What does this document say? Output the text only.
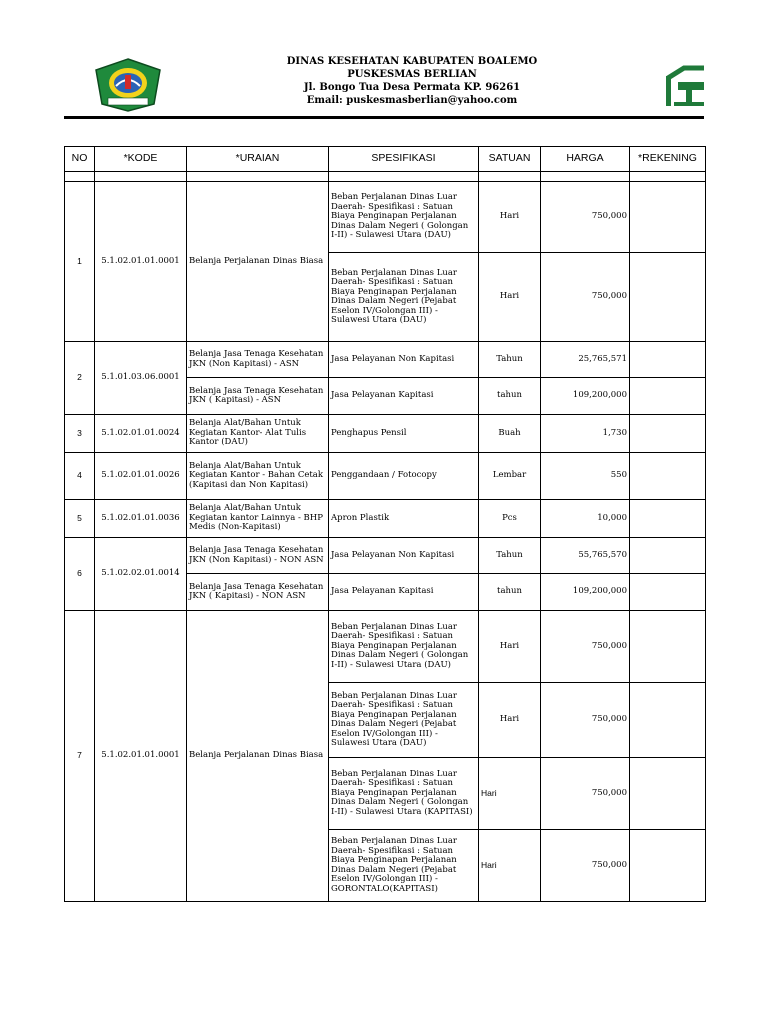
DINAS KESEHATAN KABUPATEN BOALEMO
PUSKESMAS BERLIAN
Jl. Bongo Tua Desa Permata KP. 96261
Email: puskesmasberlian@yahoo.com
NO	*KODE	*URAIAN	SPESIFIKASI	SATUAN	HARGA	*REKENING

1	5.1.02.01.01.0001	Belanja Perjalanan Dinas Biasa	Beban Perjalanan Dinas Luar Daerah- Spesifikasi : Satuan Biaya Penginapan Perjalanan Dinas Dalam Negeri ( Golongan I-II) - Sulawesi Utara (DAU)	Hari	750,000	
			Beban Perjalanan Dinas Luar Daerah- Spesifikasi : Satuan Biaya Penginapan Perjalanan Dinas Dalam Negeri (Pejabat Eselon IV/Golongan III) - Sulawesi Utara (DAU)	Hari	750,000	
2	5.1.01.03.06.0001	Belanja Jasa Tenaga Kesehatan JKN (Non Kapitasi) - ASN	Jasa Pelayanan Non Kapitasi	Tahun	25,765,571	
		Belanja Jasa Tenaga Kesehatan JKN ( Kapitasi) - ASN	Jasa Pelayanan Kapitasi	tahun	109,200,000	
3	5.1.02.01.01.0024	Belanja Alat/Bahan Untuk Kegiatan Kantor- Alat Tulis Kantor (DAU)	Penghapus Pensil	Buah	1,730	
4	5.1.02.01.01.0026	Belanja Alat/Bahan Untuk Kegiatan Kantor - Bahan Cetak (Kapitasi dan Non Kapitasi)	Penggandaan / Fotocopy	Lembar	550	
5	5.1.02.01.01.0036	Belanja Alat/Bahan Untuk Kegiatan kantor Lainnya - BHP Medis (Non-Kapitasi)	Apron Plastik	Pcs	10,000	
6	5.1.02.02.01.0014	Belanja Jasa Tenaga Kesehatan JKN (Non Kapitasi) - NON ASN	Jasa Pelayanan Non Kapitasi	Tahun	55,765,570	
		Belanja Jasa Tenaga Kesehatan JKN ( Kapitasi) - NON ASN	Jasa Pelayanan Kapitasi	tahun	109,200,000	
7	5.1.02.01.01.0001	Belanja Perjalanan Dinas Biasa	Beban Perjalanan Dinas Luar Daerah- Spesifikasi : Satuan Biaya Penginapan Perjalanan Dinas Dalam Negeri ( Golongan I-II) - Sulawesi Utara (DAU)	Hari	750,000	
			Beban Perjalanan Dinas Luar Daerah- Spesifikasi : Satuan Biaya Penginapan Perjalanan Dinas Dalam Negeri (Pejabat Eselon IV/Golongan III) - Sulawesi Utara (DAU)	Hari	750,000	
			Beban Perjalanan Dinas Luar Daerah- Spesifikasi : Satuan Biaya Penginapan Perjalanan Dinas Dalam Negeri ( Golongan I-II) - Sulawesi Utara (KAPITASI)	Hari	750,000	
			Beban Perjalanan Dinas Luar Daerah- Spesifikasi : Satuan Biaya Penginapan Perjalanan Dinas Dalam Negeri (Pejabat Eselon IV/Golongan III) - GORONTALO(KAPITASI)	Hari	750,000	
